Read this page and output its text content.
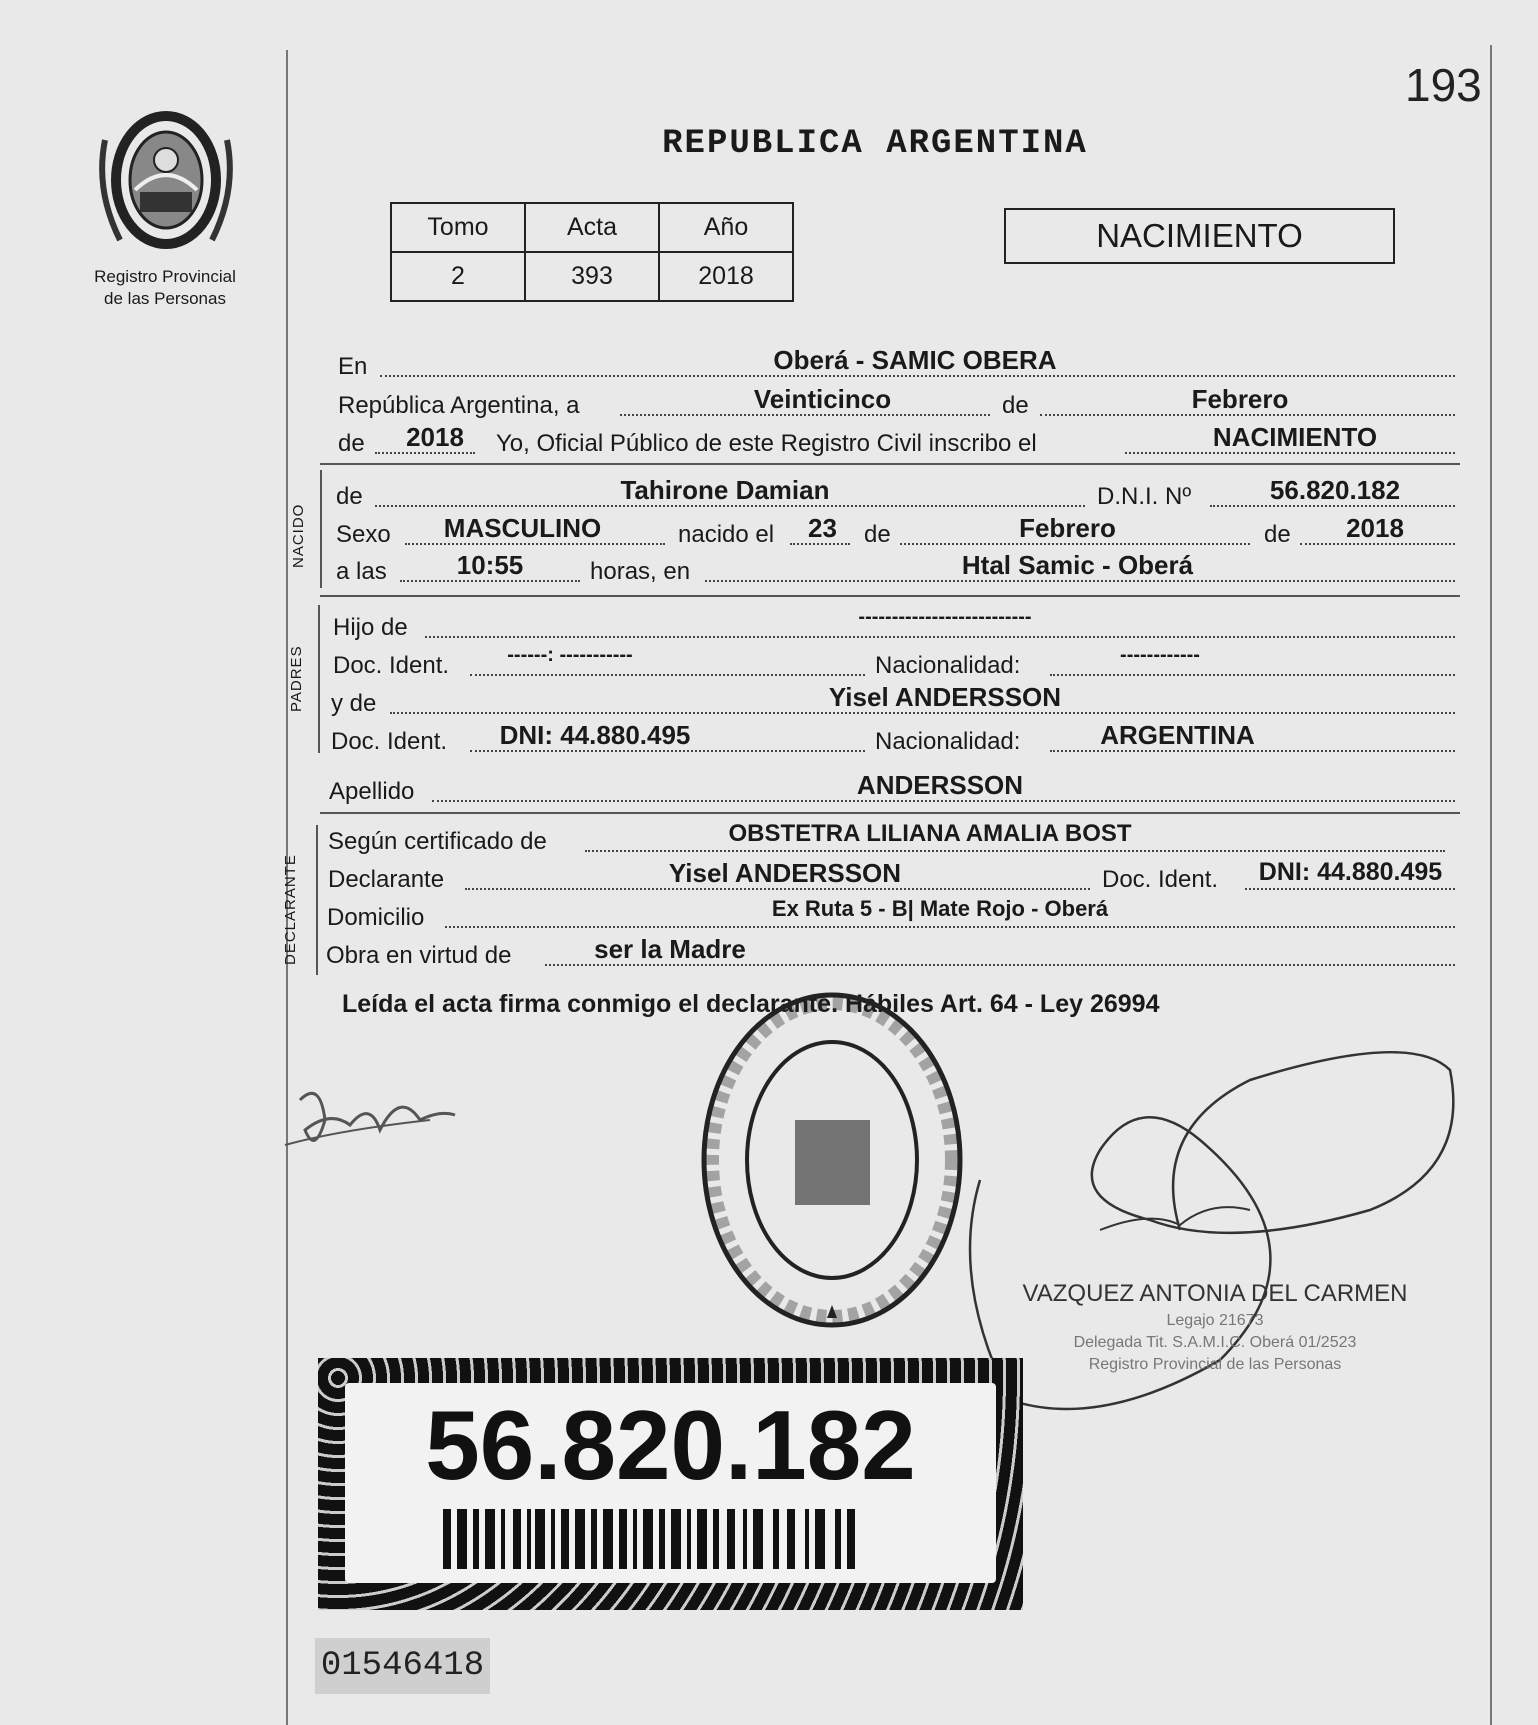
193
Registro Provincial
de las Personas
REPUBLICA ARGENTINA
Tomo	Acta	Año
2	393	2018
NACIMIENTO
NACIDO
PADRES
DECLARANTE
En	Oberá - SAMIC OBERA
República Argentina, a	Veinticinco	de	Febrero
de	2018	Yo, Oficial Público de este Registro Civil inscribo el	NACIMIENTO
de	Tahirone Damian	D.N.I. Nº	56.820.182
Sexo	MASCULINO	nacido el	23	de	Febrero	de	2018
a las	10:55	horas, en	Htal Samic - Oberá
Hijo de	--------------------------
Doc. Ident.	------: -----------	Nacionalidad:	------------
y de	Yisel ANDERSSON
Doc. Ident.	DNI: 44.880.495	Nacionalidad:	ARGENTINA
Apellido	ANDERSSON
Según certificado de	OBSTETRA LILIANA AMALIA BOST
Declarante	Yisel ANDERSSON	Doc. Ident.	DNI: 44.880.495
Domicilio	Ex Ruta 5 - B| Mate Rojo - Oberá
Obra en virtud de	ser la Madre
Leída el acta firma conmigo el declarante. Hábiles Art. 64 - Ley 26994
VAZQUEZ ANTONIA DEL CARMEN
Legajo 21673
Delegada Tit. S.A.M.I.C. Oberá 01/2523
Registro Provincial de las Personas
56.820.182
01546418
